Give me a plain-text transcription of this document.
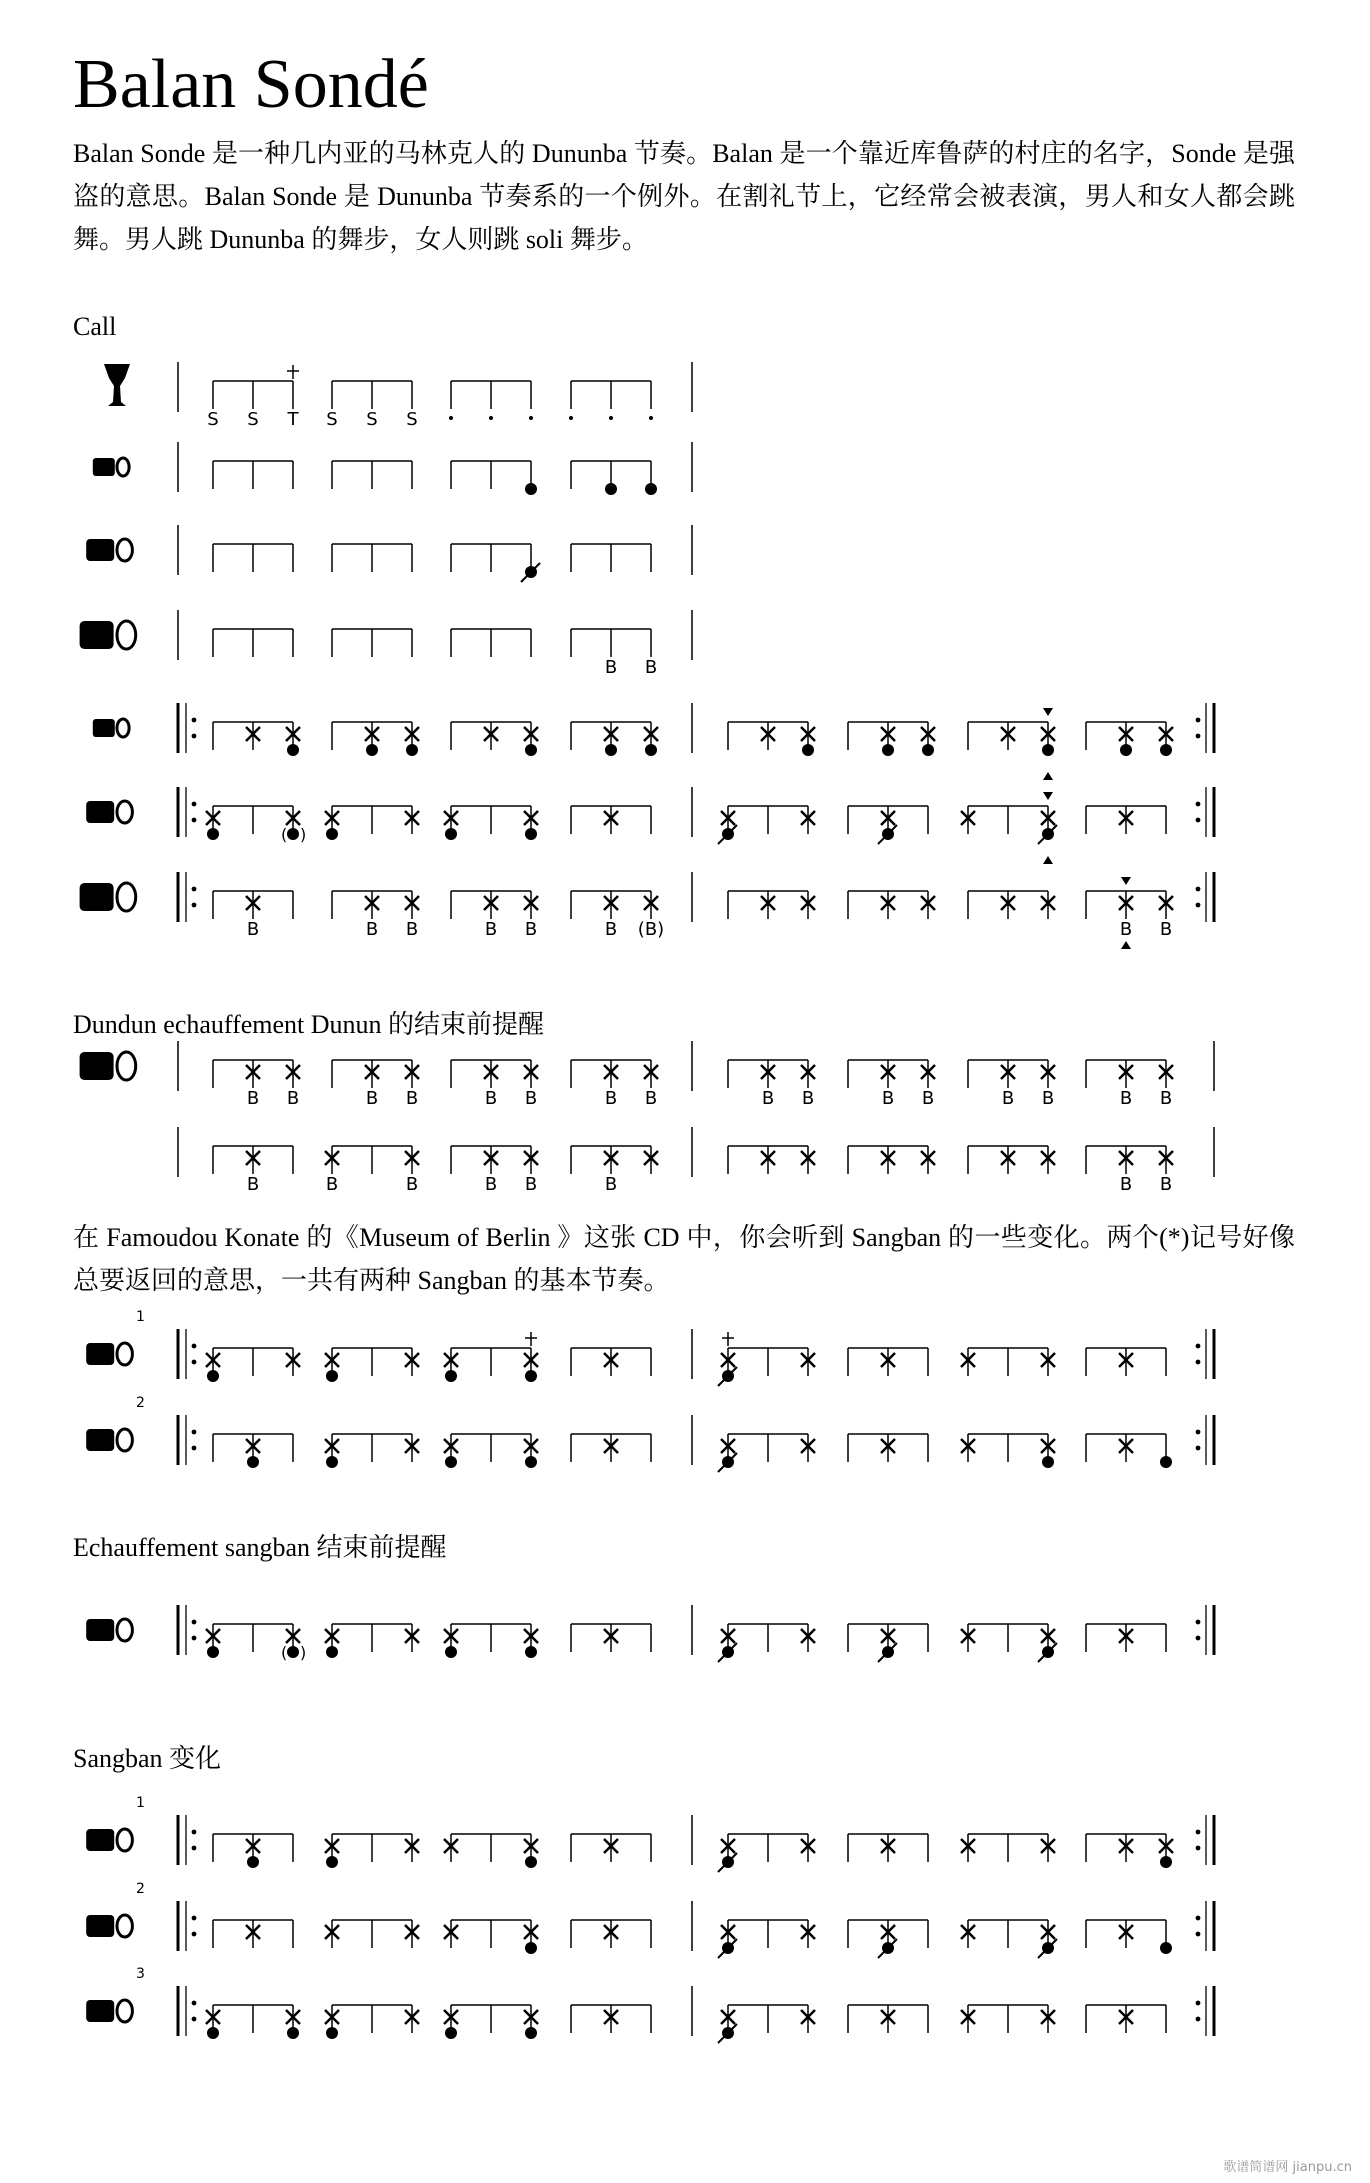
Balan Sondé

Balan Sonde 是一种几内亚的马林克人的 Dununba 节奏。Balan 是一个靠近库鲁萨的村庄的名字，Sonde 是强盗的意思。Balan Sonde 是 Dununba 节奏系的一个例外。在割礼节上，它经常会被表演，男人和女人都会跳舞。男人跳 Dununba 的舞步，女人则跳 soli 舞步。

Call
Dundun echauffement Dunun 的结束前提醒

在 Famoudou Konate 的《Museum of Berlin 》这张 CD 中，你会听到 Sangban 的一些变化。两个(*)记号好像总要返回的意思，一共有两种 Sangban 的基本节奏。

Echauffement sangban 结束前提醒
Sangban 变化
S S T S S S
B B
( )
B	B B	B B	B (B)	B B
B B	B B	B B	B B	B B	B B	B B	B B
B	B	B	B B	B	B B
1
2
( )
1
2
3
歌谱简谱网 jianpu.cn
